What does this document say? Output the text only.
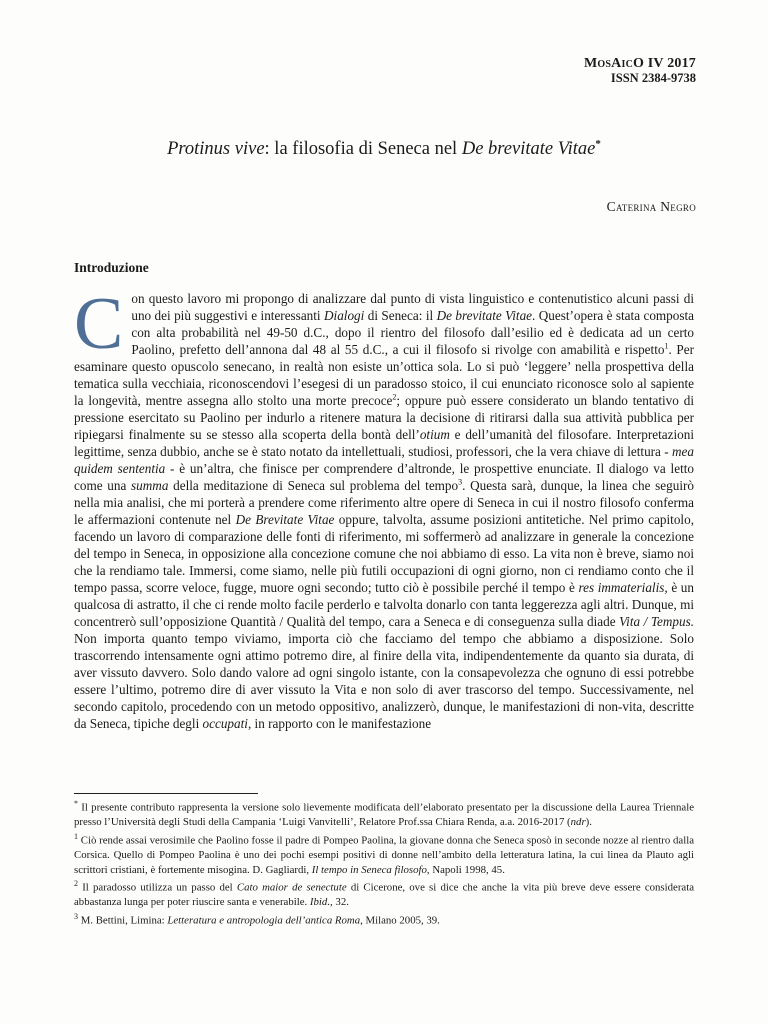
MosAicO IV 2017
ISSN 2384-9738
Protinus vive: la filosofia di Seneca nel De brevitate Vitae*
Caterina Negro
Introduzione
Con questo lavoro mi propongo di analizzare dal punto di vista linguistico e contenutistico alcuni passi di uno dei più suggestivi e interessanti Dialogi di Seneca: il De brevitate Vitae. Quest’opera è stata composta con alta probabilità nel 49-50 d.C., dopo il rientro del filosofo dall’esilio ed è dedicata ad un certo Paolino, prefetto dell’annona dal 48 al 55 d.C., a cui il filosofo si rivolge con amabilità e rispetto$^1$. Per esaminare questo opuscolo senecano, in realtà non esiste un’ottica sola. Lo si può ‘leggere’ nella prospettiva della tematica sulla vecchiaia, riconoscendovi l’esegesi di un paradosso stoico, il cui enunciato riconosce solo al sapiente la longevità, mentre assegna allo stolto una morte precoce$^2$; oppure può essere considerato un blando tentativo di pressione esercitato su Paolino per indurlo a ritenere matura la decisione di ritirarsi dalla sua attività pubblica per ripiegarsi finalmente su se stesso alla scoperta della bontà dell’otium e dell’umanità del filosofare. Interpretazioni legittime, senza dubbio, anche se è stato notato da intellettuali, studiosi, professori, che la vera chiave di lettura - mea quidem sententia - è un’altra, che finisce per comprendere d’altronde, le prospettive enunciate. Il dialogo va letto come una summa della meditazione di Seneca sul problema del tempo$^3$. Questa sarà, dunque, la linea che seguirò nella mia analisi, che mi porterà a prendere come riferimento altre opere di Seneca in cui il nostro filosofo conferma le affermazioni contenute nel De Brevitate Vitae oppure, talvolta, assume posizioni antitetiche. Nel primo capitolo, facendo un lavoro di comparazione delle fonti di riferimento, mi soffermerò ad analizzare in generale la concezione del tempo in Seneca, in opposizione alla concezione comune che noi abbiamo di esso. La vita non è breve, siamo noi che la rendiamo tale. Immersi, come siamo, nelle più futili occupazioni di ogni giorno, non ci rendiamo conto che il tempo passa, scorre veloce, fugge, muore ogni secondo; tutto ciò è possibile perché il tempo è res immaterialis, è un qualcosa di astratto, il che ci rende molto facile perderlo e talvolta donarlo con tanta leggerezza agli altri. Dunque, mi concentrerò sull’opposizione Quantità / Qualità del tempo, cara a Seneca e di conseguenza sulla diade Vita / Tempus. Non importa quanto tempo viviamo, importa ciò che facciamo del tempo che abbiamo a disposizione. Solo trascorrendo intensamente ogni attimo potremo dire, al finire della vita, indipendentemente da quanto sia durata, di aver vissuto davvero. Solo dando valore ad ogni singolo istante, con la consapevolezza che ognuno di essi potrebbe essere l’ultimo, potremo dire di aver vissuto la Vita e non solo di aver trascorso del tempo. Successivamente, nel secondo capitolo, procedendo con un metodo oppositivo, analizzerò, dunque, le manifestazioni di non-vita, descritte da Seneca, tipiche degli occupati, in rapporto con le manifestazione

* Il presente contributo rappresenta la versione solo lievemente modificata dell’elaborato presentato per la discussione della Laurea Triennale presso l’Università degli Studi della Campania ‘Luigi Vanvitelli’, Relatore Prof.ssa Chiara Renda, a.a. 2016-2017 (ndr).

$^1$ Ciò rende assai verosimile che Paolino fosse il padre di Pompeo Paolina, la giovane donna che Seneca sposò in seconde nozze al rientro dalla Corsica. Quello di Pompeo Paolina è uno dei pochi esempi positivi di donne nell’ambito della letteratura latina, la cui linea da Plauto agli scrittori cristiani, è fortemente misogina. D. Gagliardi, Il tempo in Seneca filosofo, Napoli 1998, 45.

$^2$ Il paradosso utilizza un passo del Cato maior de senectute di Cicerone, ove si dice che anche la vita più breve deve essere considerata abbastanza lunga per poter riuscire santa e venerabile. Ibid., 32.

$^3$ M. Bettini, Limina: Letteratura e antropologia dell’antica Roma, Milano 2005, 39.
